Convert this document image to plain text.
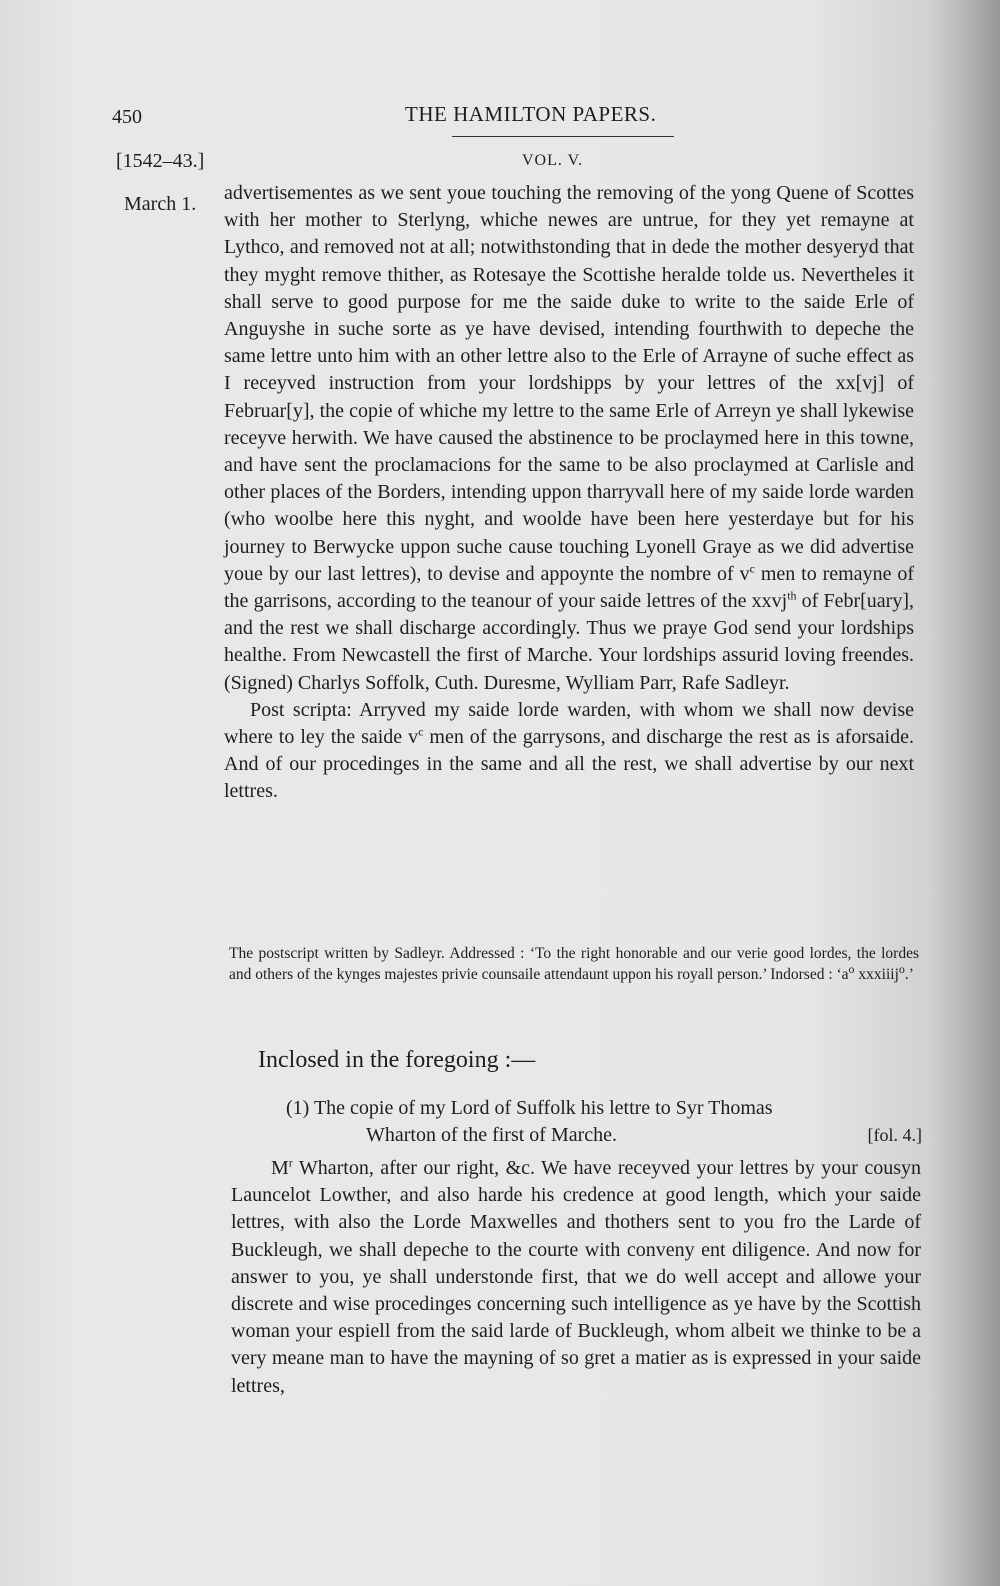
450	THE HAMILTON PAPERS.
[1542–43.]	VOL. V.
March 1. advertisementes as we sent youe touching the removing of the yong Quene of Scottes with her mother to Sterlyng, whiche newes are untrue, for they yet remayne at Lythco, and removed not at all; notwithstonding that in dede the mother desyeryd that they myght remove thither, as Rotesaye the Scottishe heralde tolde us. Nevertheles it shall serve to good purpose for me the saide duke to write to the saide Erle of Anguyshe in suche sorte as ye have devised, intending fourthwith to depeche the same lettre unto him with an other lettre also to the Erle of Arrayne of suche effect as I receyved instruction from your lordshipps by your lettres of the xx[vj] of Februar[y], the copie of whiche my lettre to the same Erle of Arreyn ye shall lykewise receyve herwith. We have caused the abstinence to be proclaymed here in this towne, and have sent the proclamacions for the same to be also proclaymed at Carlisle and other places of the Borders, intending uppon tharryvall here of my saide lorde warden (who woolbe here this nyght, and woolde have been here yesterdaye but for his journey to Berwycke uppon suche cause touching Lyonell Graye as we did advertise youe by our last lettres), to devise and appoynte the nombre of $v^c$ men to remayne of the garrisons, according to the teanour of your saide lettres of the xxvj$^{th}$ of Febr[uary], and the rest we shall discharge accordingly. Thus we praye God send your lordships healthe. From Newcastell the first of Marche. Your lordships assurid loving freendes. (Signed) Charlys Soffolk, Cuth. Duresme, Wylliam Parr, Rafe Sadleyr.

Post scripta: Arryved my saide lorde warden, with whom we shall now devise where to ley the saide $v^c$ men of the garrysons, and discharge the rest as is aforsaide. And of our procedinges in the same and all the rest, we shall advertise by our next lettres.

The postscript written by Sadleyr. Addressed : ‘To the right honorable and our verie good lordes, the lordes and others of the kynges majestes privie counsaile attendaunt uppon his royall person.’ Indorsed : ‘$a^o$ xxxiiij$^o$.’
Inclosed in the foregoing :—
(1) The copie of my Lord of Suffolk his lettre to Syr Thomas
Wharton of the first of Marche.	[fol. 4.]

$M^r$ Wharton, after our right, &c. We have receyved your lettres by your cousyn Launcelot Lowther, and also harde his credence at good length, which your saide lettres, with also the Lorde Maxwelles and thothers sent to you fro the Larde of Buckleugh, we shall depeche to the courte with conveny ent diligence. And now for answer to you, ye shall understonde first, that we do well accept and allowe your discrete and wise procedinges concerning such intelligence as ye have by the Scottish woman your espiell from the said larde of Buckleugh, whom albeit we thinke to be a very meane man to have the mayning of so gret a matier as is expressed in your saide lettres,
